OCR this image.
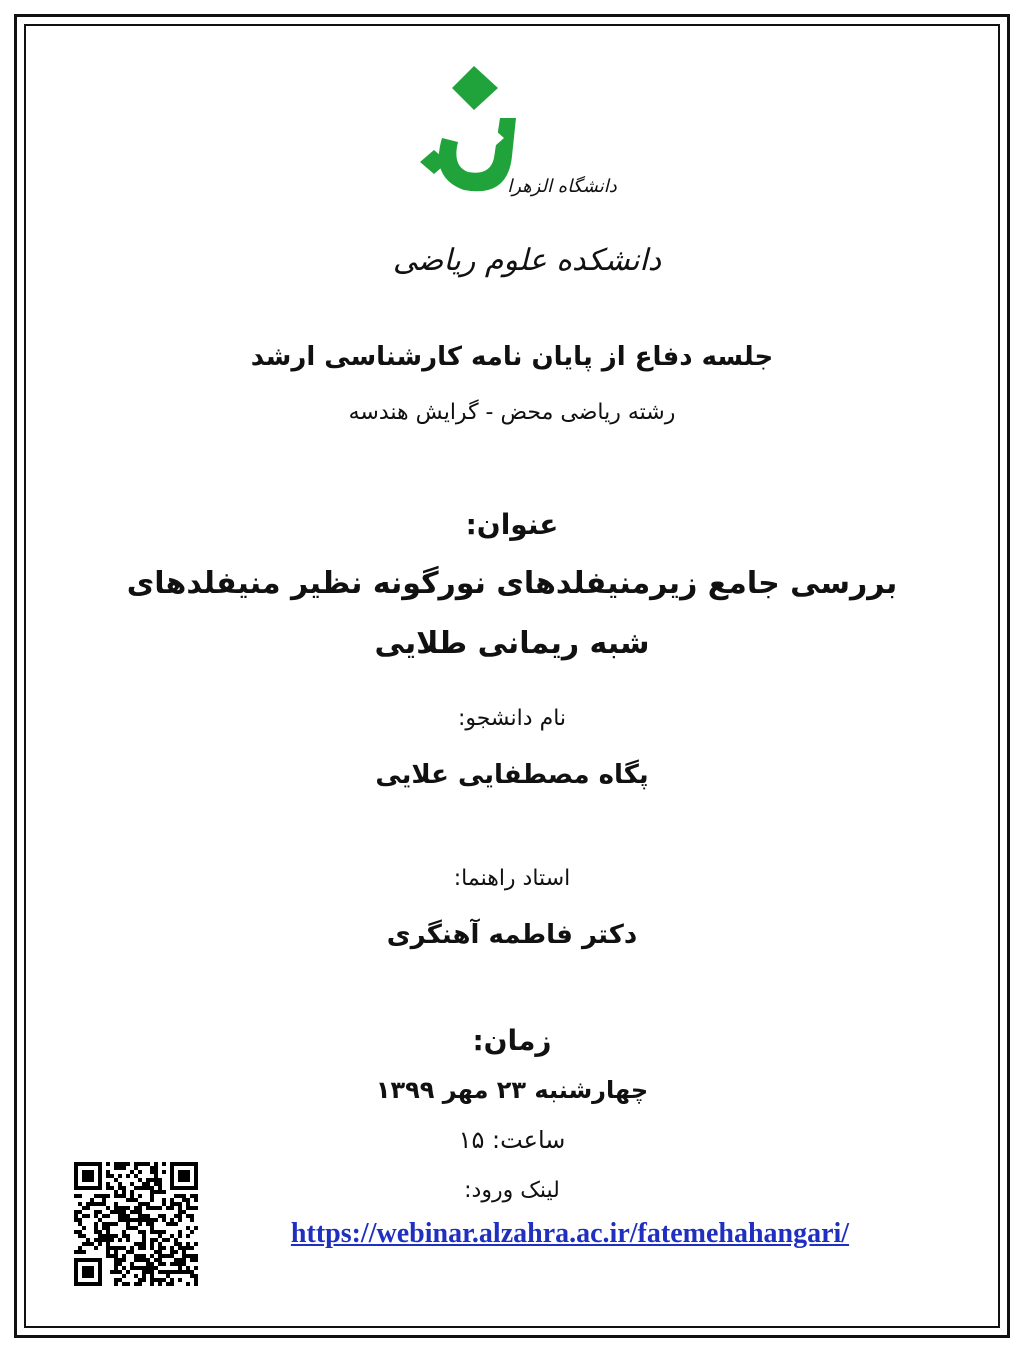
دانشگاه الزهرا
دانشکده علوم ریاضی
جلسه دفاع از پایان نامه کارشناسی ارشد
رشته ریاضی محض - گرایش هندسه
عنوان:
بررسی جامع زیرمنیفلدهای نورگونه نظیر منیفلدهای
شبه ریمانی طلایی
نام دانشجو:
پگاه مصطفایی علایی
استاد راهنما:
دکتر فاطمه آهنگری
زمان:
چهارشنبه ۲۳ مهر ۱۳۹۹
ساعت: ۱۵
لینک ورود:
https://webinar.alzahra.ac.ir/fatemehahangari/
